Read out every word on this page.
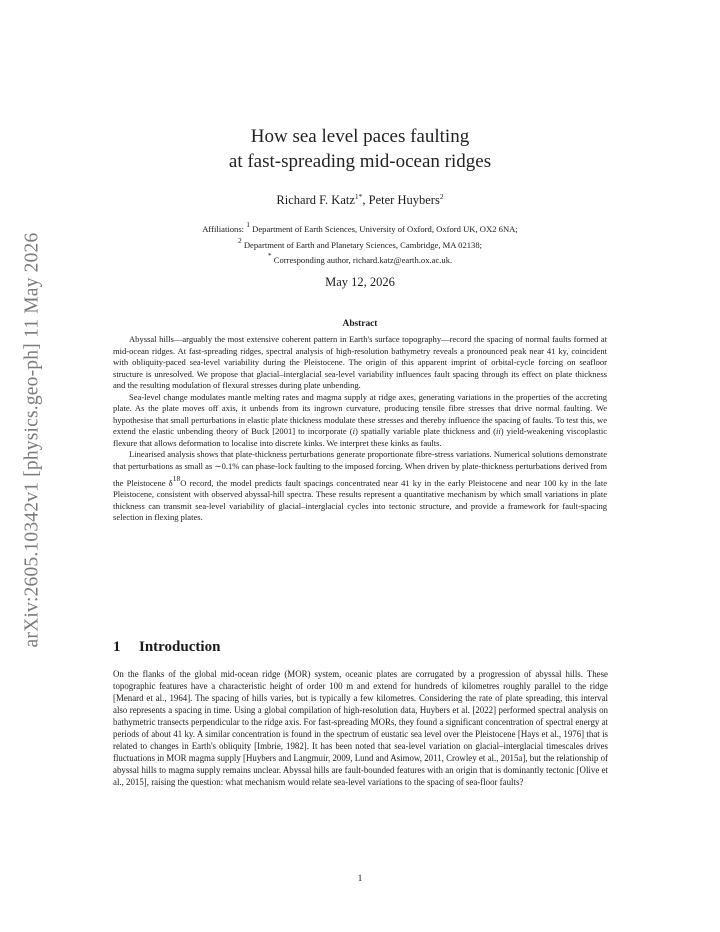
arXiv:2605.10342v1 [physics.geo-ph] 11 May 2026
How sea level paces faulting
at fast-spreading mid-ocean ridges
Richard F. Katz$^{1*}$, Peter Huybers$^2$
Affiliations: $^1$ Department of Earth Sciences, University of Oxford, Oxford UK, OX2 6NA;
$^2$ Department of Earth and Planetary Sciences, Cambridge, MA 02138;
* Corresponding author, richard.katz@earth.ox.ac.uk.
May 12, 2026
Abstract

Abyssal hills—arguably the most extensive coherent pattern in Earth's surface topography—record the spacing of normal faults formed at mid-ocean ridges. At fast-spreading ridges, spectral analysis of high-resolution bathymetry reveals a pronounced peak near 41 ky, coincident with obliquity-paced sea-level variability during the Pleistocene. The origin of this apparent imprint of orbital-cycle forcing on seafloor structure is unresolved. We propose that glacial–interglacial sea-level variability influences fault spacing through its effect on plate thickness and the resulting modulation of flexural stresses during plate unbending.

Sea-level change modulates mantle melting rates and magma supply at ridge axes, generating variations in the properties of the accreting plate. As the plate moves off axis, it unbends from its ingrown curvature, producing tensile fibre stresses that drive normal faulting. We hypothesise that small perturbations in elastic plate thickness modulate these stresses and thereby influence the spacing of faults. To test this, we extend the elastic unbending theory of Buck [2001] to incorporate (i) spatially variable plate thickness and (ii) yield-weakening viscoplastic flexure that allows deformation to localise into discrete kinks. We interpret these kinks as faults.

Linearised analysis shows that plate-thickness perturbations generate proportionate fibre-stress variations. Numerical solutions demonstrate that perturbations as small as ∼0.1% can phase-lock faulting to the imposed forcing. When driven by plate-thickness perturbations derived from the Pleistocene $\delta^{18}O$ record, the model predicts fault spacings concentrated near 41 ky in the early Pleistocene and near 100 ky in the late Pleistocene, consistent with observed abyssal-hill spectra. These results represent a quantitative mechanism by which small variations in plate thickness can transmit sea-level variability of glacial–interglacial cycles into tectonic structure, and provide a framework for fault-spacing selection in flexing plates.

1 Introduction

On the flanks of the global mid-ocean ridge (MOR) system, oceanic plates are corrugated by a progression of abyssal hills. These topographic features have a characteristic height of order 100 m and extend for hundreds of kilometres roughly parallel to the ridge [Menard et al., 1964]. The spacing of hills varies, but is typically a few kilometres. Considering the rate of plate spreading, this interval also represents a spacing in time. Using a global compilation of high-resolution data, Huybers et al. [2022] performed spectral analysis on bathymetric transects perpendicular to the ridge axis. For fast-spreading MORs, they found a significant concentration of spectral energy at periods of about 41 ky. A similar concentration is found in the spectrum of eustatic sea level over the Pleistocene [Hays et al., 1976] that is related to changes in Earth's obliquity [Imbrie, 1982]. It has been noted that sea-level variation on glacial–interglacial timescales drives fluctuations in MOR magma supply [Huybers and Langmuir, 2009, Lund and Asimow, 2011, Crowley et al., 2015a], but the relationship of abyssal hills to magma supply remains unclear. Abyssal hills are fault-bounded features with an origin that is dominantly tectonic [Olive et al., 2015], raising the question: what mechanism would relate sea-level variations to the spacing of sea-floor faults?

1
